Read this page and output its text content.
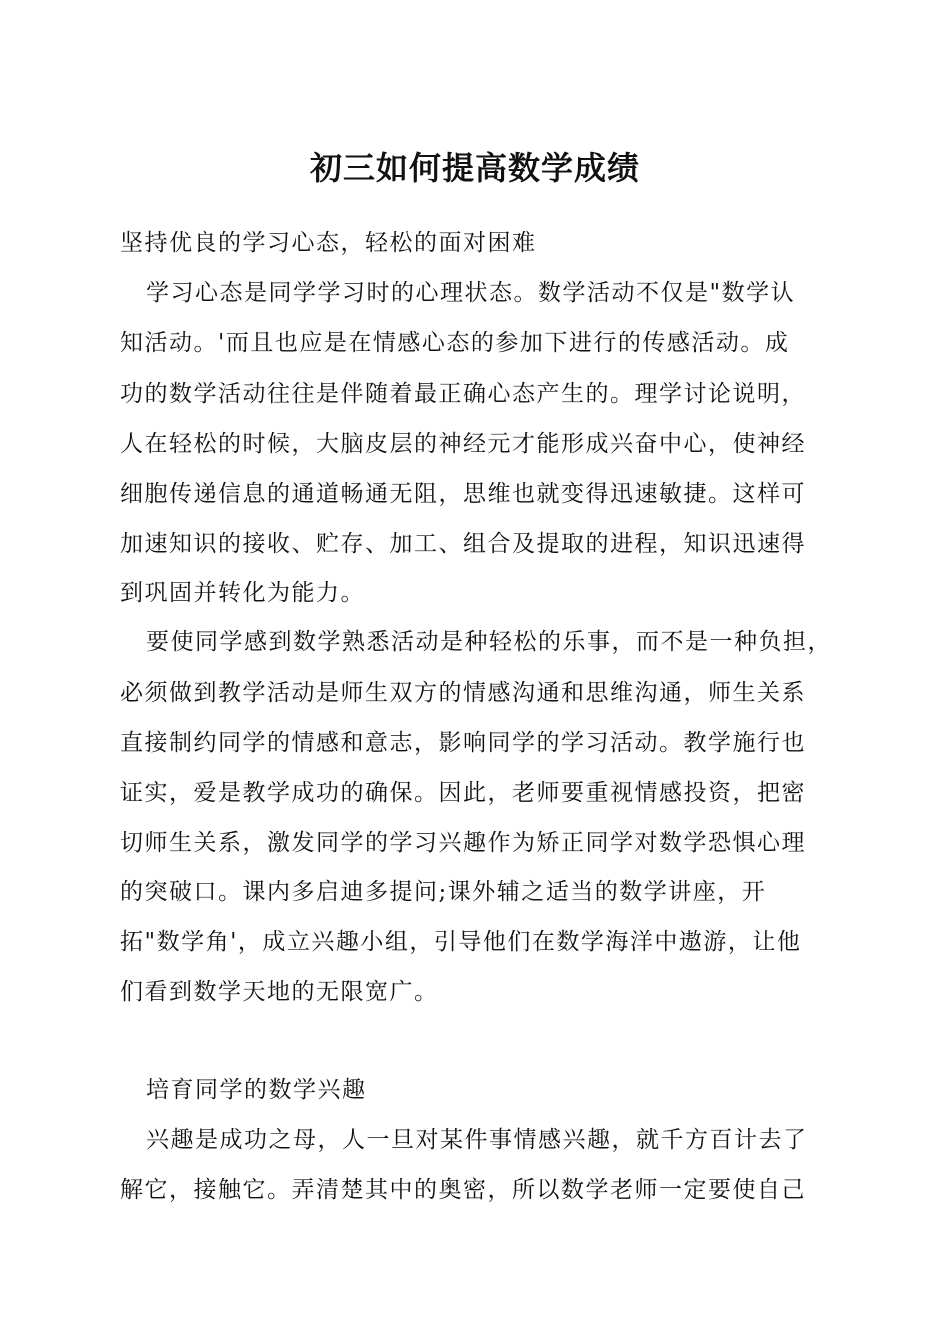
初三如何提高数学成绩
坚持优良的学习心态，轻松的面对困难
学习心态是同学学习时的心理状态。数学活动不仅是"数学认
知活动。'而且也应是在情感心态的参加下进行的传感活动。成
功的数学活动往往是伴随着最正确心态产生的。理学讨论说明，
人在轻松的时候，大脑皮层的神经元才能形成兴奋中心，使神经
细胞传递信息的通道畅通无阻，思维也就变得迅速敏捷。这样可
加速知识的接收、贮存、加工、组合及提取的进程，知识迅速得
到巩固并转化为能力。
要使同学感到数学熟悉活动是种轻松的乐事，而不是一种负担，
必须做到教学活动是师生双方的情感沟通和思维沟通，师生关系
直接制约同学的情感和意志，影响同学的学习活动。教学施行也
证实，爱是教学成功的确保。因此，老师要重视情感投资，把密
切师生关系，激发同学的学习兴趣作为矫正同学对数学恐惧心理
的突破口。课内多启迪多提问;课外辅之适当的数学讲座，开
拓"数学角'，成立兴趣小组，引导他们在数学海洋中遨游，让他
们看到数学天地的无限宽广。
培育同学的数学兴趣
兴趣是成功之母，人一旦对某件事情感兴趣，就千方百计去了
解它，接触它。弄清楚其中的奥密，所以数学老师一定要使自己
